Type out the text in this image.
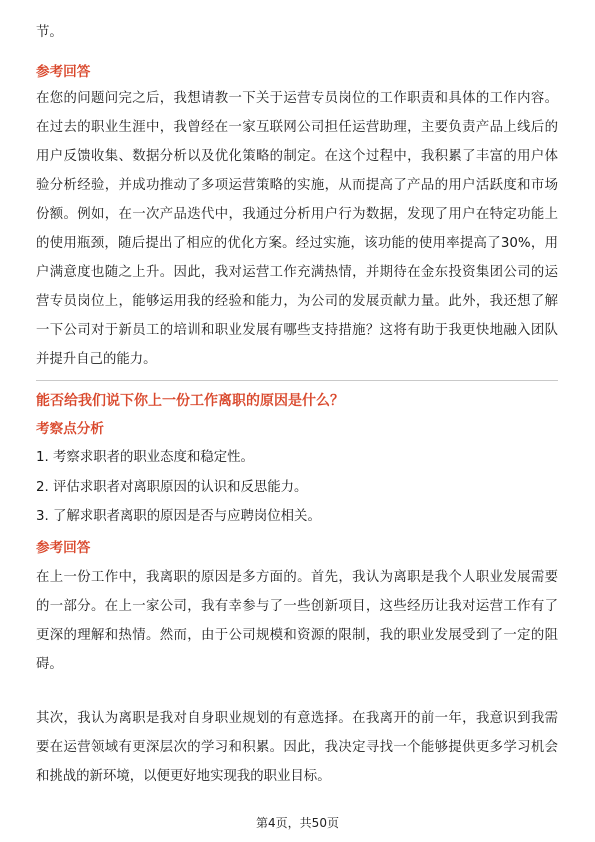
节。

参考回答

在您的问题问完之后，我想请教一下关于运营专员岗位的工作职责和具体的工作内容。在过去的职业生涯中，我曾经在一家互联网公司担任运营助理，主要负责产品上线后的用户反馈收集、数据分析以及优化策略的制定。在这个过程中，我积累了丰富的用户体验分析经验，并成功推动了多项运营策略的实施，从而提高了产品的用户活跃度和市场份额。例如，在一次产品迭代中，我通过分析用户行为数据，发现了用户在特定功能上的使用瓶颈，随后提出了相应的优化方案。经过实施，该功能的使用率提高了30%，用户满意度也随之上升。因此，我对运营工作充满热情，并期待在金东投资集团公司的运营专员岗位上，能够运用我的经验和能力，为公司的发展贡献力量。此外，我还想了解一下公司对于新员工的培训和职业发展有哪些支持措施？这将有助于我更快地融入团队并提升自己的能力。

能否给我们说下你上一份工作离职的原因是什么？

考察点分析

1. 考察求职者的职业态度和稳定性。

2. 评估求职者对离职原因的认识和反思能力。

3. 了解求职者离职的原因是否与应聘岗位相关。

参考回答

在上一份工作中，我离职的原因是多方面的。首先，我认为离职是我个人职业发展需要的一部分。在上一家公司，我有幸参与了一些创新项目，这些经历让我对运营工作有了更深的理解和热情。然而，由于公司规模和资源的限制，我的职业发展受到了一定的阻碍。

其次，我认为离职是我对自身职业规划的有意选择。在我离开的前一年，我意识到我需要在运营领域有更深层次的学习和积累。因此，我决定寻找一个能够提供更多学习机会和挑战的新环境，以便更好地实现我的职业目标。

第4页，共50页
